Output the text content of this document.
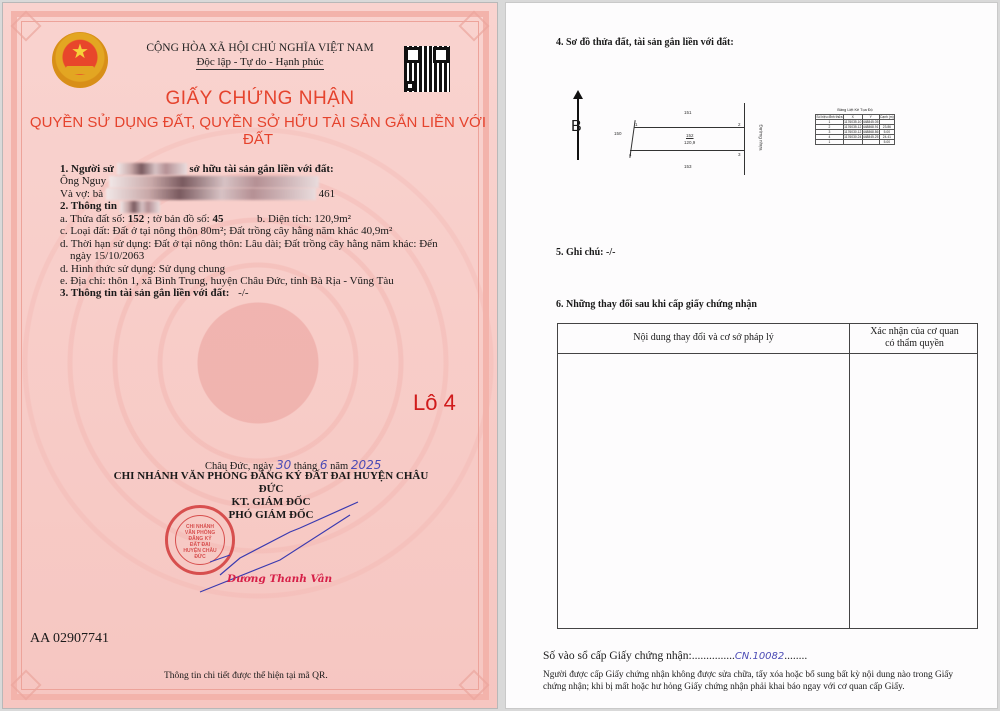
★	CỘNG HÒA XÃ HỘI CHỦ NGHĨA VIỆT NAM
Độc lập - Tự do - Hạnh phúc
GIẤY CHỨNG NHẬN
QUYỀN SỬ DỤNG ĐẤT, QUYỀN SỞ HỮU TÀI SẢN GẮN LIỀN VỚI ĐẤT
1. Người sử	sở hữu tài sản gắn liền với đất:
Ông Nguy
Và vợ: bà	461
2. Thông tin
a. Thửa đất số: 152 ; tờ bản đồ số: 45	b. Diện tích: 120,9m²
c. Loại đất: Đất ở tại nông thôn 80m²; Đất trồng cây hằng năm khác 40,9m²
d. Thời hạn sử dụng: Đất ở tại nông thôn: Lâu dài; Đất trồng cây hằng năm khác: Đến
ngày 15/10/2063
d. Hình thức sử dụng: Sử dụng chung
e. Địa chỉ: thôn 1, xã Bình Trung, huyện Châu Đức, tỉnh Bà Rịa - Vũng Tàu
3. Thông tin tài sản gắn liền với đất: -/-
Lô 4
Châu Đức, ngày 30 tháng 6 năm 2025
CHI NHÁNH VĂN PHÒNG ĐĂNG KÝ ĐẤT ĐAI HUYỆN CHÂU ĐỨC
KT. GIÁM ĐỐC
PHÓ GIÁM ĐỐC
CHI NHÁNH VĂN PHÒNG ĐĂNG KÝ ĐẤT ĐAI HUYỆN CHÂU ĐỨC
Dương Thanh Vân
AA 02907741
Thông tin chi tiết được thể hiện tại mã QR.
4. Sơ đồ thửa đất, tài sản gắn liền với đất:
B
151
150
153
152
120,9	Đường nhựa
1	2
3
4
Bảng Liệt Kê Tọa Độ
Số hiệu đỉnh thửa	X	Y	Cạnh (m)
1	1176035.10	448845.05	
2	1176035.12	448868.91	23.86
3	1176030.12	448868.86	5.00
4	1176030.24	448845.25	24.41
1			5.00
5. Ghi chú: -/-
6. Những thay đổi sau khi cấp giấy chứng nhận
Nội dung thay đổi và cơ sở pháp lý
Xác nhận của cơ quan
có thẩm quyền
Số vào sổ cấp Giấy chứng nhận:...............CN.10082........
Người được cấp Giấy chứng nhận không được sửa chữa, tẩy xóa hoặc bổ sung bất kỳ nội dung nào trong Giấy chứng nhận; khi bị mất hoặc hư hỏng Giấy chứng nhận phải khai báo ngay với cơ quan cấp Giấy.
